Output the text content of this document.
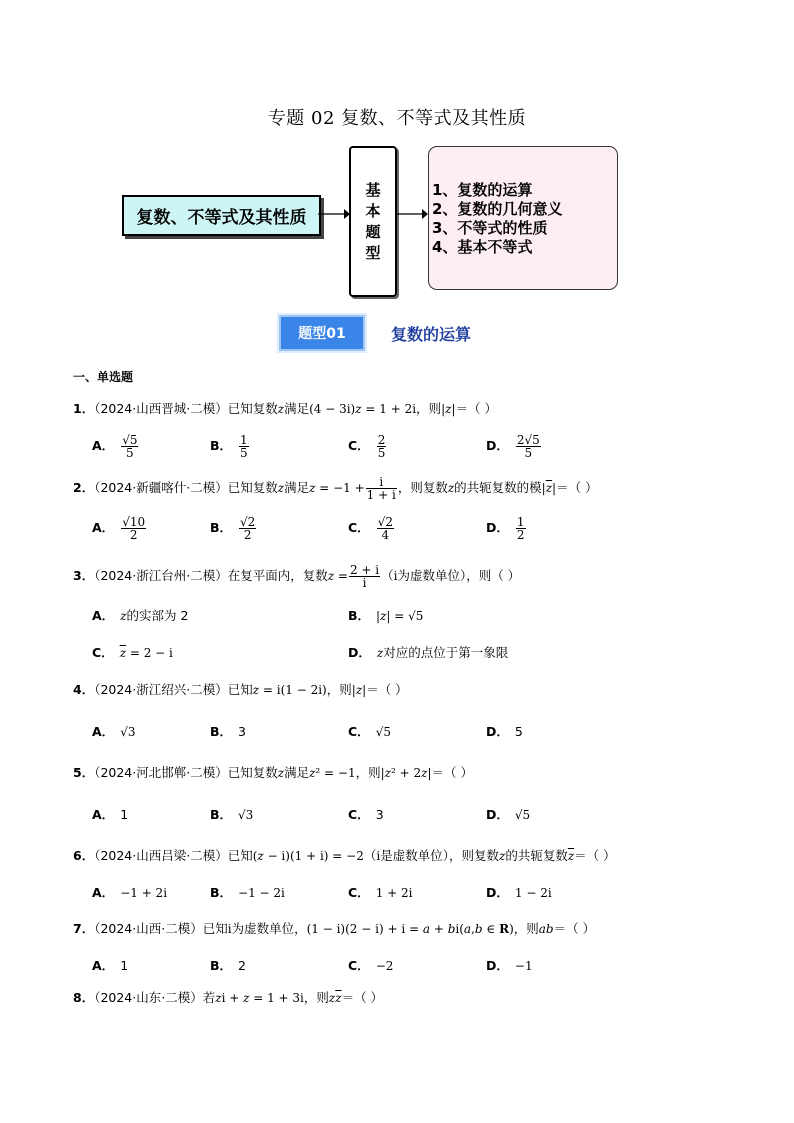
专题 02 复数、不等式及其性质
复数、不等式及其性质
基
本
题
型
1、复数的运算
2、复数的几何意义
3、不等式的性质
4、基本不等式
题型01	复数的运算
一、单选题
1．（2024·山西晋城·二模）已知复数z满足(4 − 3i)z = 1 + 2i，则|z|＝（ ）
A． $\frac{√5}{5}$	B． $\frac{1}{5}$	C． $\frac{2}{5}$	D． $\frac{2√5}{5}$
2．（2024·新疆喀什·二模）已知复数z满足$z = -1 + \frac{i}{1 + i}$ ，则复数z的共轭复数的模$|\overline{z}|=$（ ）
A． $\frac{√10}{2}$	B． $\frac{√2}{2}$	C． $\frac{√2}{4}$	D． $\frac{1}{2}$
3．（2024·浙江台州·二模）在复平面内，复数$z = \frac{2 + i}{i} (i$为虚数单位），则（ ）
A． z的实部为 2	B． |z| = √5
C． $\overline{z} = 2 - i$	D． z对应的点位于第一象限
4．（2024·浙江绍兴·二模）已知z = i(1 − 2i)，则|z|＝（ ）
A． √3	B． 3	C． √5	D． 5
5．（2024·河北邯郸·二模）已知复数z满足z² = −1，则|z² + 2z|＝（ ）
A． 1	B． √3	C． 3	D． √5
6．（2024·山西吕梁·二模）已知(z − i)(1 + i) = −2（i是虚数单位），则复数z的共轭复数$\overline{z}=$（ ）
A． −1 + 2i	B． −1 − 2i	C． 1 + 2i	D． 1 − 2i
7．（2024·山西·二模）已知i为虚数单位，(1 − i)(2 − i) + i = a + bi(a,b ∈ R)，则ab＝（ ）
A． 1	B． 2	C． −2	D． −1
8．（2024·山东·二模）若zi + z = 1 + 3i，则$z\overline{z}=$（ ）
